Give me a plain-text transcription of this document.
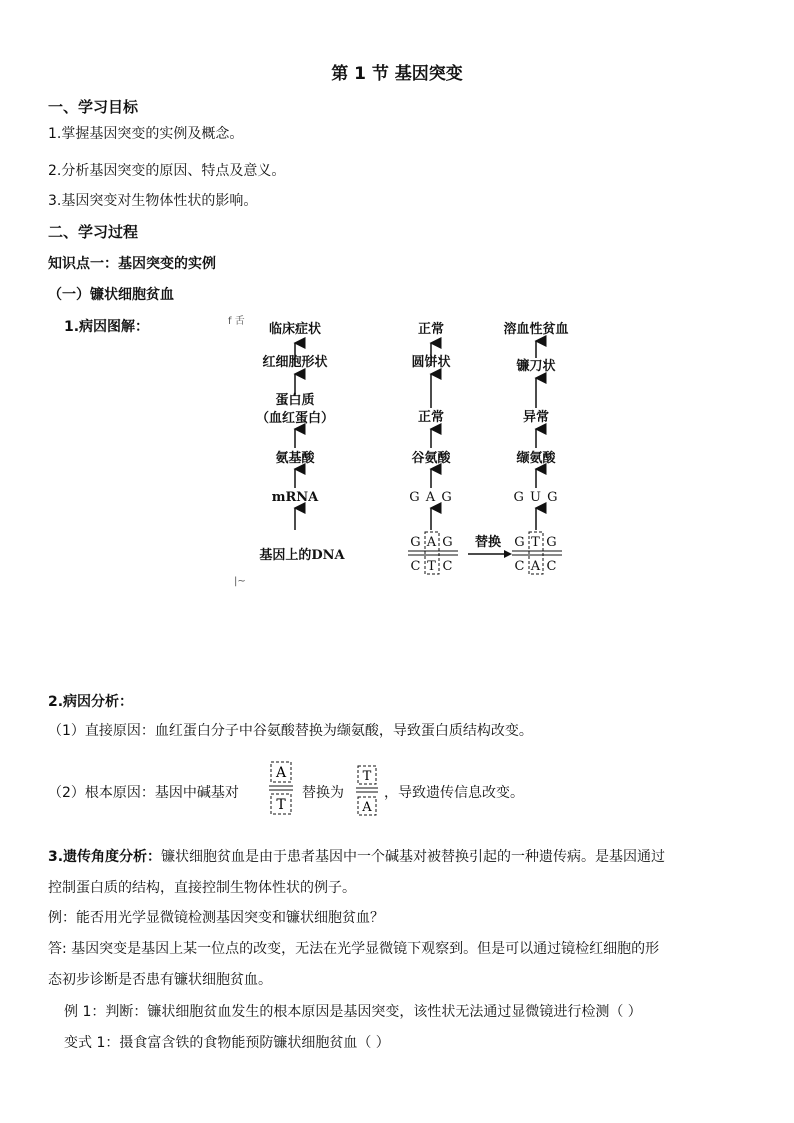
第 1 节 基因突变
一、学习目标
1.掌握基因突变的实例及概念。
2.分析基因突变的原因、特点及意义。
3.基因突变对生物体性状的影响。
二、学习过程
知识点一：基因突变的实例
（一）镰状细胞贫血
1.病因图解：	f 舌
|~
临床症状
红细胞形状
蛋白质
（血红蛋白）
氨基酸
mRNA
基因上的DNA
正常
圆饼状
正常
谷氨酸
G A G
G A G
C T C
替换
溶血性贫血
镰刀状
异常
缬氨酸
G U G
G T G
C A C
2.病因分析：
（1）直接原因：血红蛋白分子中谷氨酸替换为缬氨酸，导致蛋白质结构改变。
（2）根本原因：基因中碱基对
A
T
替换为
T
A
，导致遗传信息改变。
3.遗传角度分析：镰状细胞贫血是由于患者基因中一个碱基对被替换引起的一种遗传病。是基因通过
控制蛋白质的结构，直接控制生物体性状的例子。
例：能否用光学显微镜检测基因突变和镰状细胞贫血？
答: 基因突变是基因上某一位点的改变，无法在光学显微镜下观察到。但是可以通过镜检红细胞的形
态初步诊断是否患有镰状细胞贫血。
例 1：判断：镰状细胞贫血发生的根本原因是基因突变，该性状无法通过显微镜进行检测（ ）
变式 1：摄食富含铁的食物能预防镰状细胞贫血（ ）
